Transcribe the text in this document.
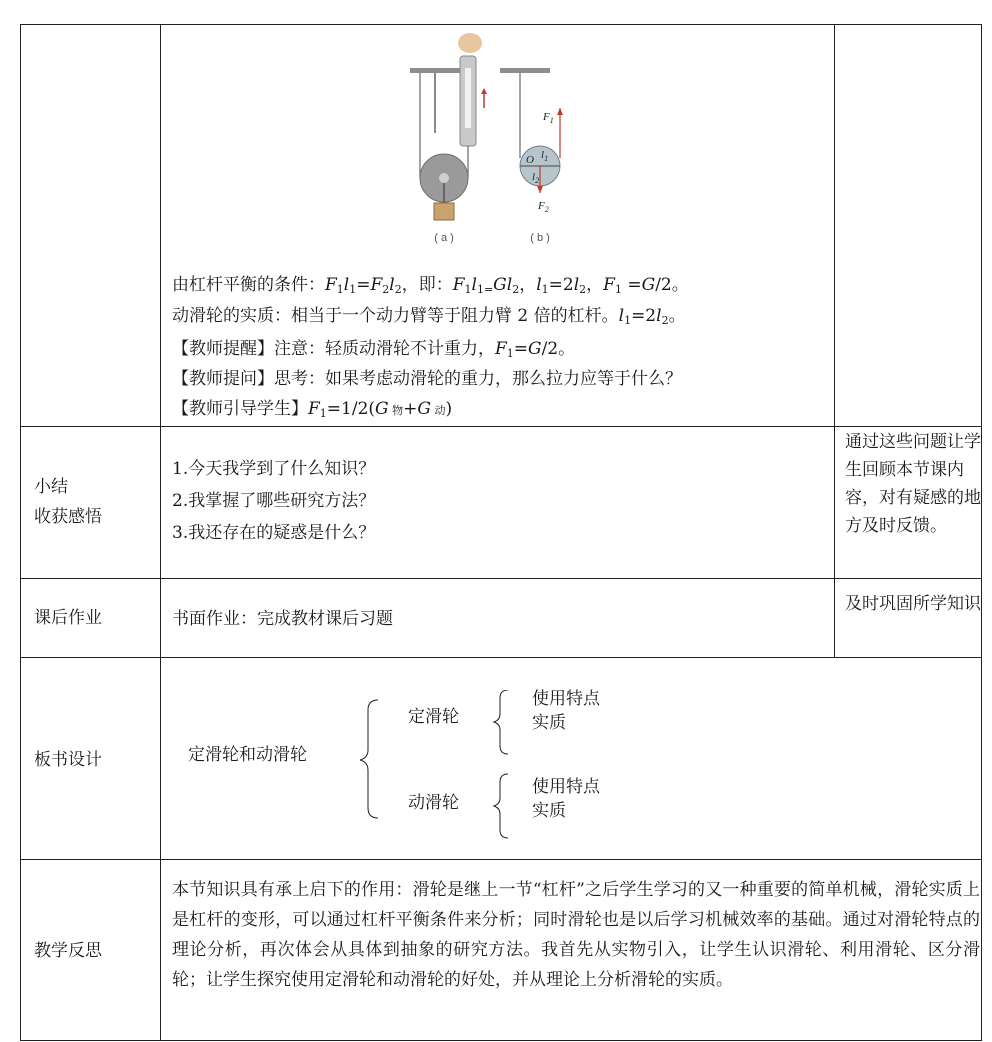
( a )
$F_1$
O $l_1$
$l_2$
$F_2$
( b )
由杠杆平衡的条件：$F_1l_1=F_2l_2$，即：$F_1l_{1=}Gl_2$，$l_1=2l_2$，$F_1 =G/2$。
动滑轮的实质：相当于一个动力臂等于阻力臂 2 倍的杠杆。$l_1=2l_2$。
【教师提醒】注意：轻质动滑轮不计重力，$F_1=G/2$。
【教师提问】思考：如果考虑动滑轮的重力，那么拉力应等于什么？
【教师引导学生】$F_1=1/2(G$ 物+G 动)
小结
收获感悟
1.今天我学到了什么知识？
2.我掌握了哪些研究方法？
3.我还存在的疑惑是什么？
通过这些问题让学生回顾本节课内容，对有疑感的地方及时反馈。
课后作业	书面作业：完成教材课后习题
及时巩固所学知识
板书设计	定滑轮和动滑轮
定滑轮
动滑轮
使用特点
实质
使用特点
实质
教学反思
本节知识具有承上启下的作用：滑轮是继上一节“杠杆”之后学生学习的又一种重要的简单机械，滑轮实质上是杠杆的变形，可以通过杠杆平衡条件来分析；同时滑轮也是以后学习机械效率的基础。通过对滑轮特点的理论分析，再次体会从具体到抽象的研究方法。我首先从实物引入，让学生认识滑轮、利用滑轮、区分滑轮；让学生探究使用定滑轮和动滑轮的好处，并从理论上分析滑轮的实质。
